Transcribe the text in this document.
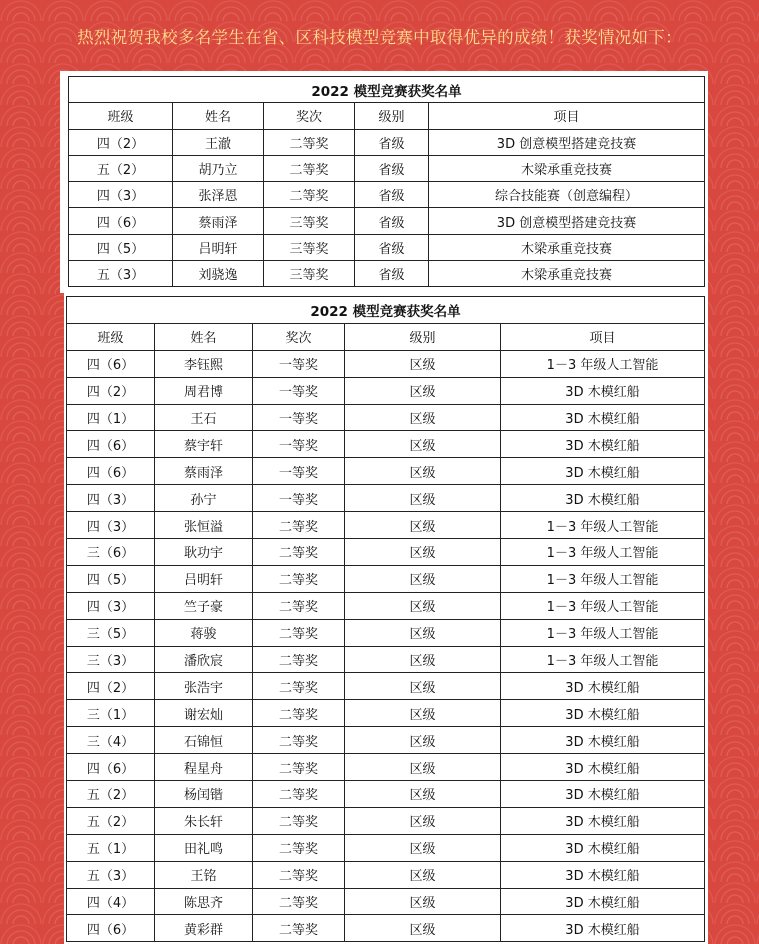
热烈祝贺我校多名学生在省、区科技模型竞赛中取得优异的成绩！获奖情况如下：
2022 模型竞赛获奖名单				
班级	姓名	奖次	级别	项目
四（2）	王澈	二等奖	省级	3D 创意模型搭建竞技赛
五（2）	胡乃立	二等奖	省级	木梁承重竞技赛
四（3）	张泽恩	二等奖	省级	综合技能赛（创意编程）
四（6）	蔡雨泽	三等奖	省级	3D 创意模型搭建竞技赛
四（5）	吕明轩	三等奖	省级	木梁承重竞技赛
五（3）	刘骁逸	三等奖	省级	木梁承重竞技赛
2022 模型竞赛获奖名单				
班级	姓名	奖次	级别	项目
四（6）	李钰熙	一等奖	区级	1－3 年级人工智能
四（2）	周君博	一等奖	区级	3D 木模红船
四（1）	王石	一等奖	区级	3D 木模红船
四（6）	蔡宇轩	一等奖	区级	3D 木模红船
四（6）	蔡雨泽	一等奖	区级	3D 木模红船
四（3）	孙宁	一等奖	区级	3D 木模红船
四（3）	张恒溢	二等奖	区级	1－3 年级人工智能
三（6）	耿功宇	二等奖	区级	1－3 年级人工智能
四（5）	吕明轩	二等奖	区级	1－3 年级人工智能
四（3）	竺子豪	二等奖	区级	1－3 年级人工智能
三（5）	蒋骏	二等奖	区级	1－3 年级人工智能
三（3）	潘欣宸	二等奖	区级	1－3 年级人工智能
四（2）	张浩宇	二等奖	区级	3D 木模红船
三（1）	谢宏灿	二等奖	区级	3D 木模红船
三（4）	石锦恒	二等奖	区级	3D 木模红船
四（6）	程星舟	二等奖	区级	3D 木模红船
五（2）	杨闰锴	二等奖	区级	3D 木模红船
五（2）	朱长轩	二等奖	区级	3D 木模红船
五（1）	田礼鸣	二等奖	区级	3D 木模红船
五（3）	王铭	二等奖	区级	3D 木模红船
四（4）	陈思齐	二等奖	区级	3D 木模红船
四（6）	黄彩群	二等奖	区级	3D 木模红船
